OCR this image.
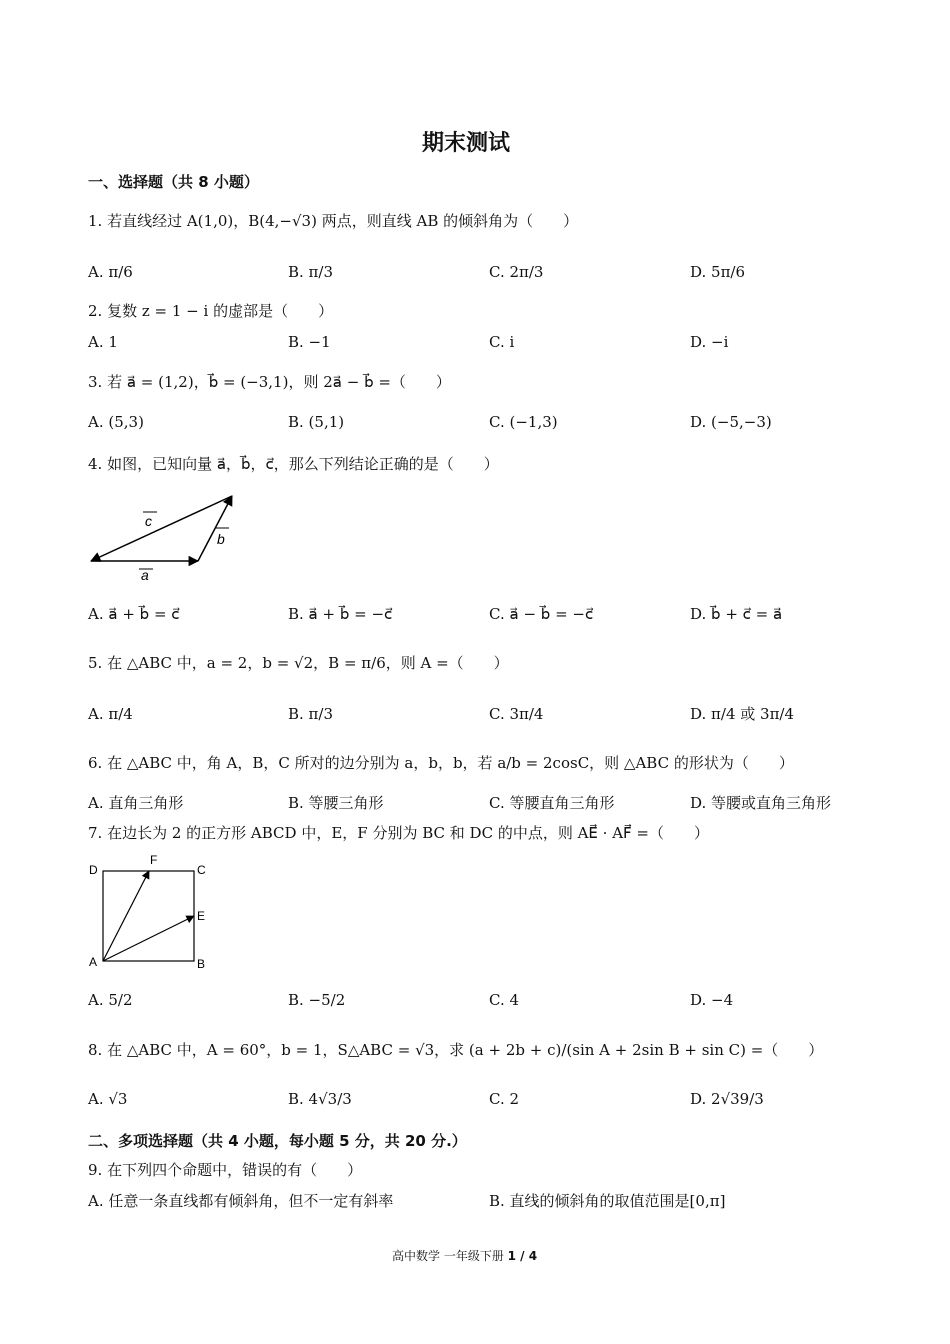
期末测试
一、选择题（共 8 小题）
1. 若直线经过 A(1,0)，B(4,−√3) 两点，则直线 AB 的倾斜角为（　　）
A. π/6	B. π/3	C. 2π/3	D. 5π/6
2. 复数 z = 1 − i 的虚部是（　　）
A. 1	B. −1	C. i	D. −i
3. 若 a⃗ = (1,2)，b⃗ = (−3,1)，则 2a⃗ − b⃗ =（　　）
A. (5,3)	B. (5,1)	C. (−1,3)	D. (−5,−3)
4. 如图，已知向量 a⃗，b⃗，c⃗，那么下列结论正确的是（　　）
c
b
a
A. a⃗ + b⃗ = c⃗	B. a⃗ + b⃗ = −c⃗	C. a⃗ − b⃗ = −c⃗	D. b⃗ + c⃗ = a⃗
5. 在 △ABC 中，a = 2，b = √2，B = π/6，则 A =（　　）
A. π/4	B. π/3	C. 3π/4	D. π/4 或 3π/4
6. 在 △ABC 中，角 A，B，C 所对的边分别为 a，b，b，若 a/b = 2cosC，则 △ABC 的形状为（　　）
A. 直角三角形	B. 等腰三角形	C. 等腰直角三角形	D. 等腰或直角三角形
7. 在边长为 2 的正方形 ABCD 中，E，F 分别为 BC 和 DC 的中点，则 AE⃗ · AF⃗ =（　　）
D
F
C
E
A	B
A. 5/2	B. −5/2	C. 4	D. −4
8. 在 △ABC 中，A = 60°，b = 1，S△ABC = √3，求 (a + 2b + c)/(sin A + 2sin B + sin C) =（　　）
A. √3	B. 4√3/3	C. 2	D. 2√39/3
二、多项选择题（共 4 小题，每小题 5 分，共 20 分.）
9. 在下列四个命题中，错误的有（　　）
A. 任意一条直线都有倾斜角，但不一定有斜率	B. 直线的倾斜角的取值范围是[0,π]
高中数学 一年级下册 1 / 4
